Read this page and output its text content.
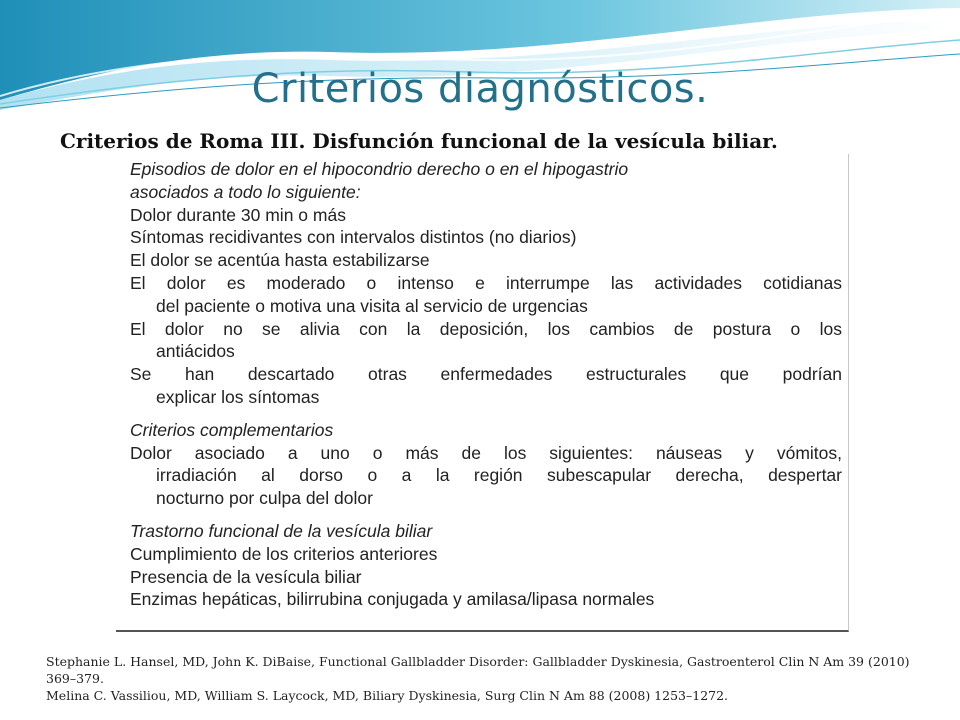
Criterios diagnósticos.
Criterios de Roma III. Disfunción funcional de la vesícula biliar.
Episodios de dolor en el hipocondrio derecho o en el hipogastrio
asociados a todo lo siguiente:
Dolor durante 30 min o más
Síntomas recidivantes con intervalos distintos (no diarios)
El dolor se acentúa hasta estabilizarse
El dolor es moderado o intenso e interrumpe las actividades cotidianas
del paciente o motiva una visita al servicio de urgencias
El dolor no se alivia con la deposición, los cambios de postura o los
antiácidos
Se han descartado otras enfermedades estructurales que podrían
explicar los síntomas
Criterios complementarios
Dolor asociado a uno o más de los siguientes: náuseas y vómitos,
irradiación al dorso o a la región subescapular derecha, despertar
nocturno por culpa del dolor
Trastorno funcional de la vesícula biliar
Cumplimiento de los criterios anteriores
Presencia de la vesícula biliar
Enzimas hepáticas, bilirrubina conjugada y amilasa/lipasa normales

Stephanie L. Hansel, MD, John K. DiBaise, Functional Gallbladder Disorder: Gallbladder Dyskinesia, Gastroenterol Clin N Am 39 (2010) 369–379.

Melina C. Vassiliou, MD, William S. Laycock, MD, Biliary Dyskinesia, Surg Clin N Am 88 (2008) 1253–1272.
